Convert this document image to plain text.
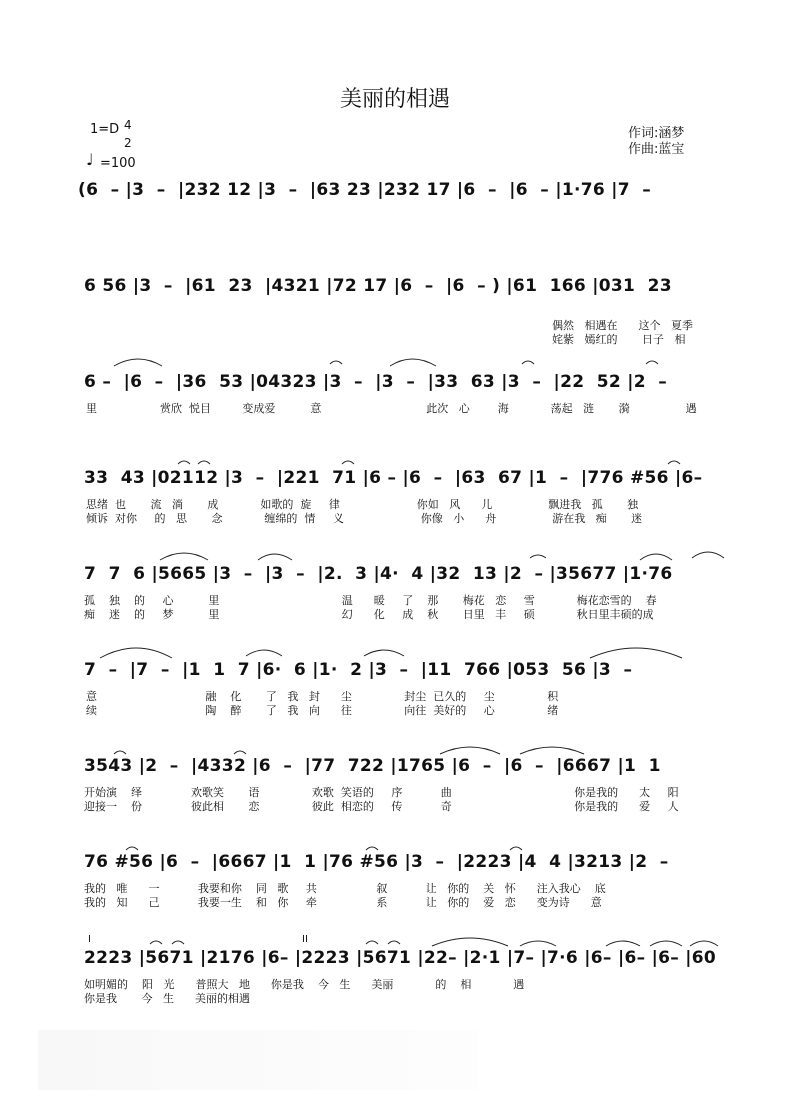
美丽的相遇
1=D 4
2
♩ =100
作词:涵梦
作曲:蓝宝
(6  – |3  –  |232 12 |3  –  |63 23 |232 17 |6  –  |6  – |1·76 |7  –
6 56 |3  –  |61  23  |4321 |72 17 |6  –  |6  – ) |61  166 |031  23
偶然   相遇在      这个   夏季
姹紫   嫣红的       日子   相
6 –  |6  –  |36  53 |04323 |3  –  |3  –  |33  63 |3  –  |22  52 |2  –
里                  赏欣  悦目         变成爱          意                              此次   心        海            荡起   涟       漪                遇
33  43 |02112 |3  –  |221  71 |6 – |6  –  |63  67 |1  –  |776 #56 |6–
思绪  也       流   淌       成            如歌的  旋     律                      你如   风      儿                飘进我   孤       独
倾诉  对你     的   思       念            缠绵的  情     义                      你像   小      舟                游在我   痴       迷
7  7  6 |5665 |3  –  |3  –  |2.  3 |4·  4 |32  13 |2  – |35677 |1·76
孤    独    的     心          里                                   温      暖     了    那       梅花   恋     雪            梅花恋雪的    春
痴    迷    的     梦          里                                   幻      化     成    秋       日里   丰     硕            秋日里丰硕的成
7  –  |7  –  |1  1  7 |6·  6 |1·  2 |3  –  |11  766 |053  56 |3  –
意                               融    化       了   我   封      尘               封尘  已久的     尘               积
续                               陶    醉       了   我   向      往               向往  美好的     心               绪
3543 |2  –  |4332 |6  –  |77  722 |1765 |6  –  |6  –  |6667 |1  1
开始演    绎              欢歌笑       语               欢歌  笑语的     序           曲                                   你是我的      太     阳
迎接一    份              彼此相       恋               彼此  相恋的     传           奇                                   你是我的      爱     人
76 #56 |6  –  |6667 |1  1 |76 #56 |3  –  |2223 |4  4 |3213 |2  –
我的   唯      一           我要和你    同   歌     共                 叙           让   你的    关   怀      注入我心    底
我的   知      己           我要一生    和   你     牵                 系           让   你的    爱   恋      变为诗      意
I	II
2223 |5671 |2176 |6– |2223 |5671 |22– |2·1 |7– |7·6 |6– |6– |6– |60
如明媚的    阳   光      普照大   地      你是我    今   生      美丽            的    相            遇
你是我       今   生      美丽的相遇
